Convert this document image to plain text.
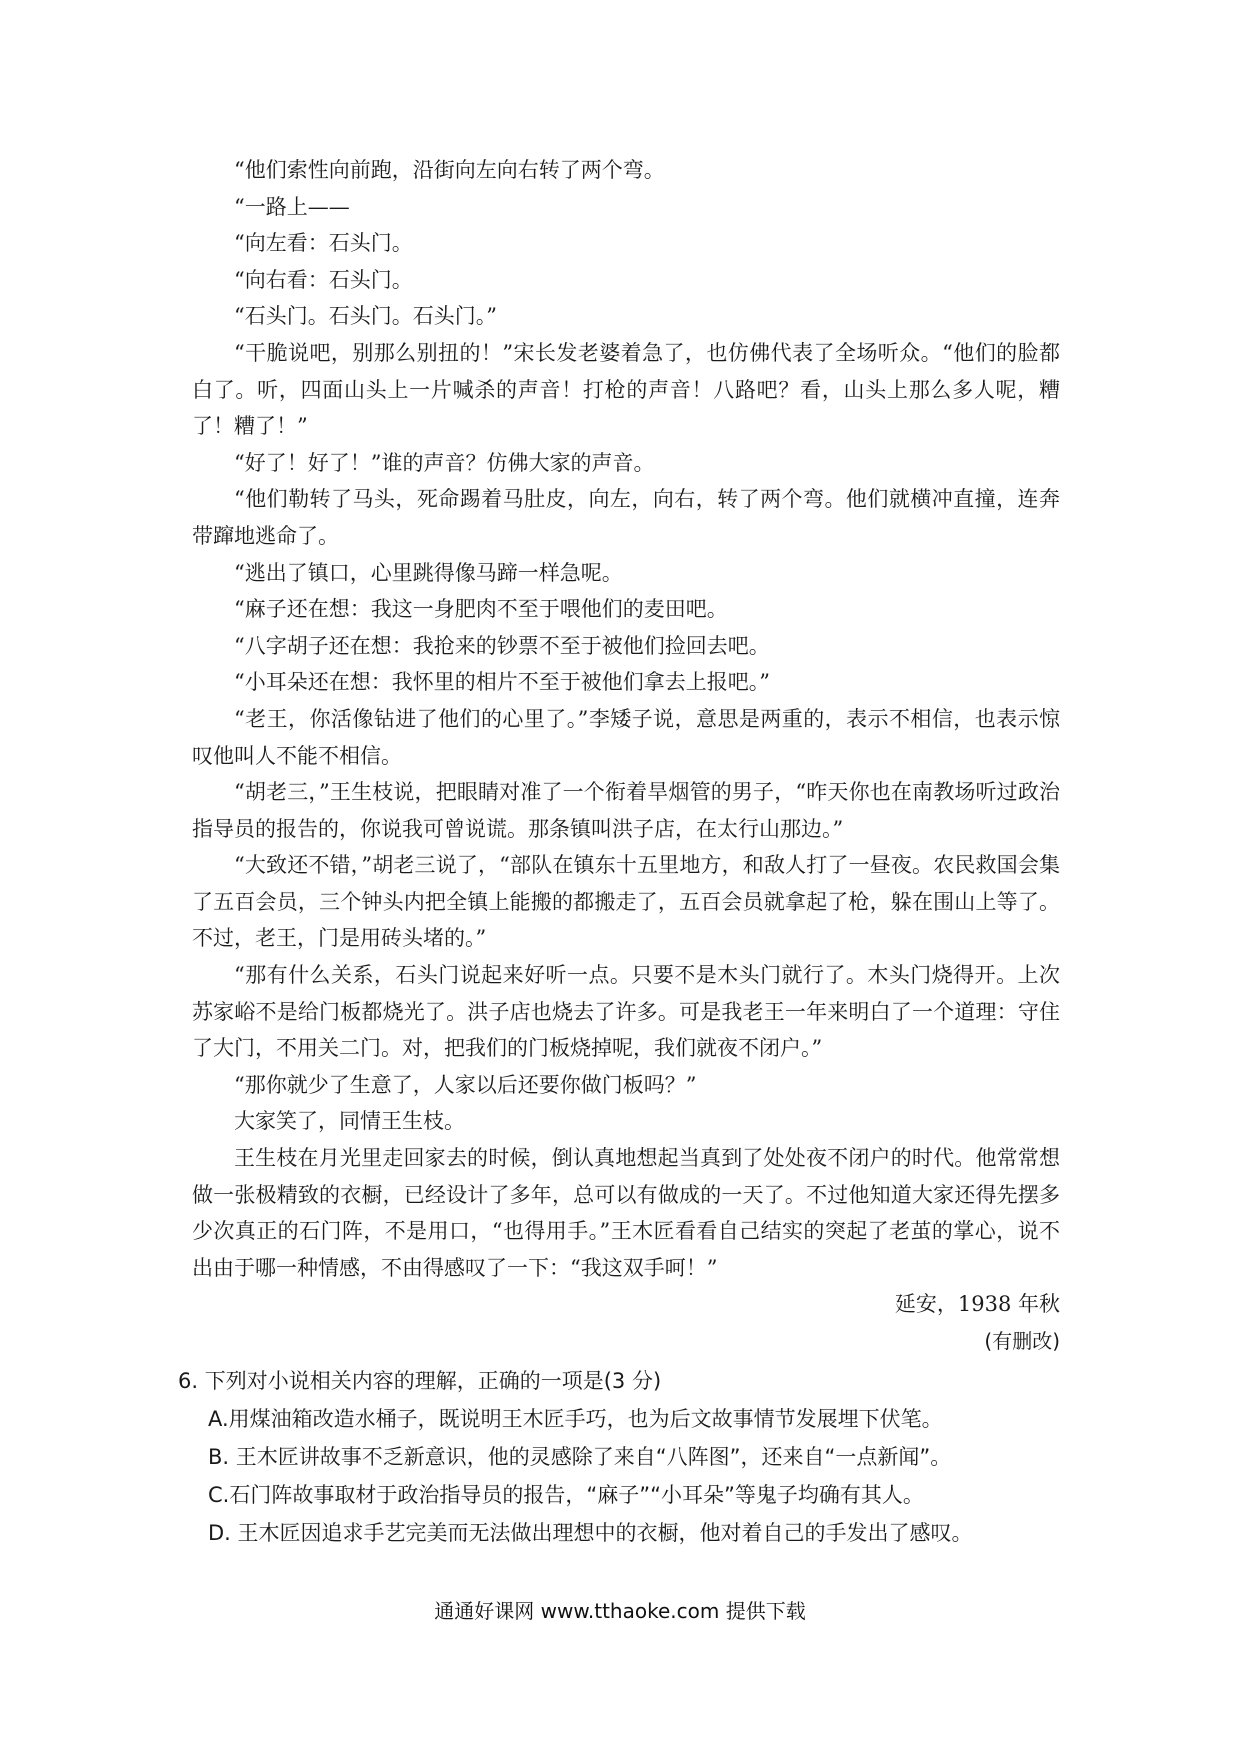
“他们索性向前跑，沿街向左向右转了两个弯。

“一路上——

“向左看：石头门。

“向右看：石头门。

“石头门。石头门。石头门。”

“干脆说吧，别那么别扭的！”宋长发老婆着急了，也仿佛代表了全场听众。“他们的脸都白了。听，四面山头上一片喊杀的声音！打枪的声音！八路吧？看，山头上那么多人呢，糟了！糟了！”

“好了！好了！”谁的声音？仿佛大家的声音。

“他们勒转了马头，死命踢着马肚皮，向左，向右，转了两个弯。他们就横冲直撞，连奔带蹿地逃命了。

“逃出了镇口，心里跳得像马蹄一样急呢。

“麻子还在想：我这一身肥肉不至于喂他们的麦田吧。

“八字胡子还在想：我抢来的钞票不至于被他们捡回去吧。

“小耳朵还在想：我怀里的相片不至于被他们拿去上报吧。”

“老王，你活像钻进了他们的心里了。”李矮子说，意思是两重的，表示不相信，也表示惊叹他叫人不能不相信。

“胡老三，”王生枝说，把眼睛对准了一个衔着旱烟管的男子，“昨天你也在南教场听过政治指导员的报告的，你说我可曾说谎。那条镇叫洪子店，在太行山那边。”

“大致还不错，”胡老三说了，“部队在镇东十五里地方，和敌人打了一昼夜。农民救国会集了五百会员，三个钟头内把全镇上能搬的都搬走了，五百会员就拿起了枪，躲在围山上等了。不过，老王，门是用砖头堵的。”

“那有什么关系，石头门说起来好听一点。只要不是木头门就行了。木头门烧得开。上次苏家峪不是给门板都烧光了。洪子店也烧去了许多。可是我老王一年来明白了一个道理：守住了大门，不用关二门。对，把我们的门板烧掉呢，我们就夜不闭户。”

“那你就少了生意了，人家以后还要你做门板吗？”

大家笑了，同情王生枝。

王生枝在月光里走回家去的时候，倒认真地想起当真到了处处夜不闭户的时代。他常常想做一张极精致的衣橱，已经设计了多年，总可以有做成的一天了。不过他知道大家还得先摆多少次真正的石门阵，不是用口，“也得用手。”王木匠看看自己结实的突起了老茧的掌心，说不出由于哪一种情感，不由得感叹了一下：“我这双手呵！”

延安，1938 年秋

(有删改)

6. 下列对小说相关内容的理解，正确的一项是(3 分)

A.用煤油箱改造水桶子，既说明王木匠手巧，也为后文故事情节发展埋下伏笔。

B. 王木匠讲故事不乏新意识，他的灵感除了来自“八阵图”，还来自“一点新闻”。

C.石门阵故事取材于政治指导员的报告，“麻子”“小耳朵”等鬼子均确有其人。

D. 王木匠因追求手艺完美而无法做出理想中的衣橱，他对着自己的手发出了感叹。

通通好课网 www.tthaoke.com 提供下载
